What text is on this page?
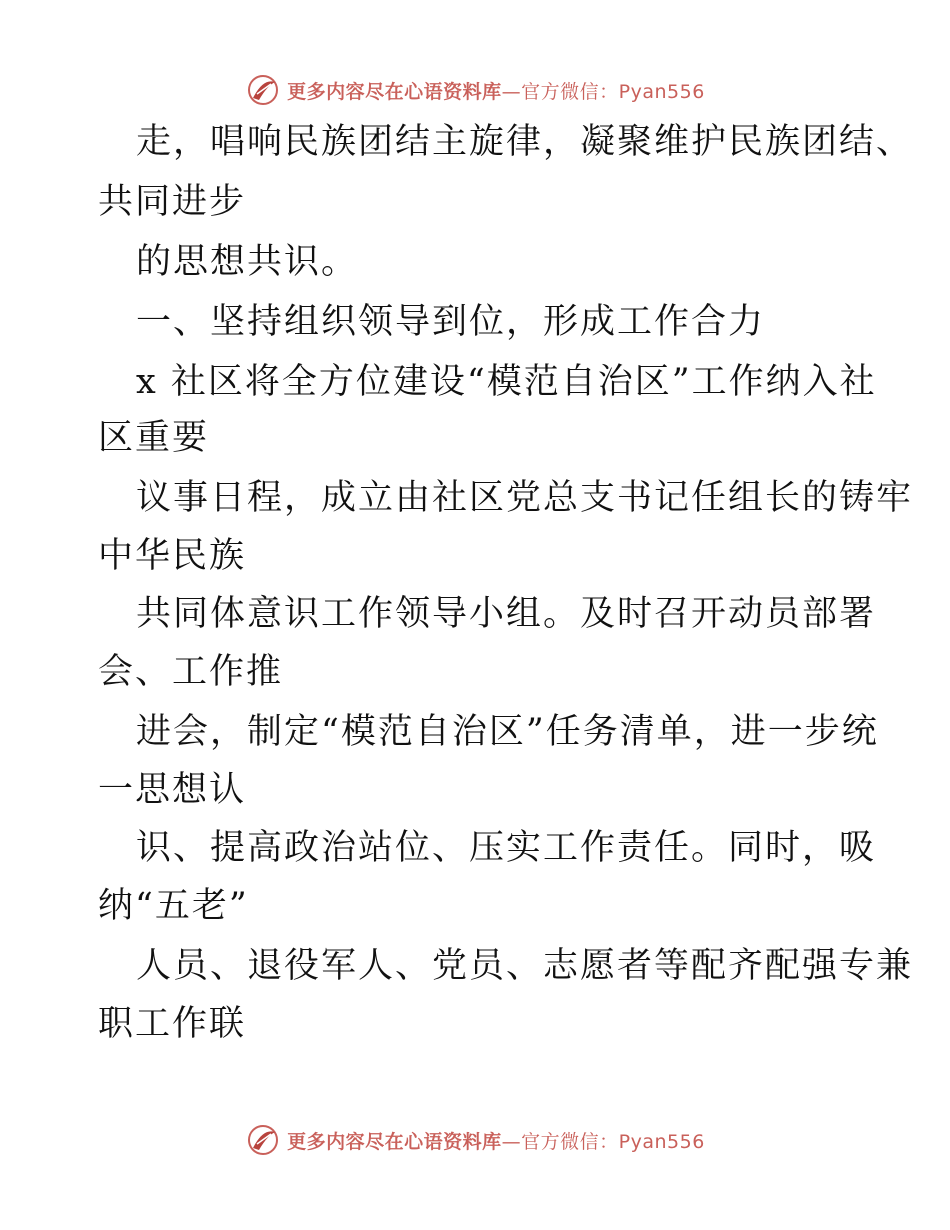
更多内容尽在心语资料库—官方微信：Pyan556
走，唱响民族团结主旋律，凝聚维护民族团结、
共同进步
的思想共识。
一、坚持组织领导到位，形成工作合力
x 社区将全方位建设“模范自治区”工作纳入社
区重要
议事日程，成立由社区党总支书记任组长的铸牢
中华民族
共同体意识工作领导小组。及时召开动员部署
会、工作推
进会，制定“模范自治区”任务清单，进一步统
一思想认
识、提高政治站位、压实工作责任。同时，吸
纳“五老”
人员、退役军人、党员、志愿者等配齐配强专兼
职工作联
更多内容尽在心语资料库—官方微信：Pyan556
